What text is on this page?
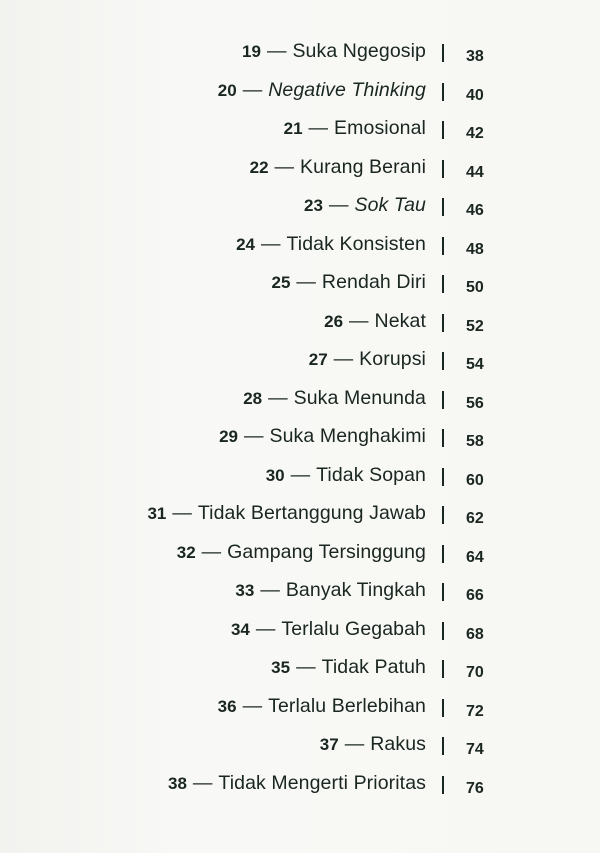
19 — Suka Ngegosip	38
20 — Negative Thinking	40
21 — Emosional	42
22 — Kurang Berani	44
23 — Sok Tau	46
24 — Tidak Konsisten	48
25 — Rendah Diri	50
26 — Nekat	52
27 — Korupsi	54
28 — Suka Menunda	56
29 — Suka Menghakimi	58
30 — Tidak Sopan	60
31 — Tidak Bertanggung Jawab	62
32 — Gampang Tersinggung	64
33 — Banyak Tingkah	66
34 — Terlalu Gegabah	68
35 — Tidak Patuh	70
36 — Terlalu Berlebihan	72
37 — Rakus	74
38 — Tidak Mengerti Prioritas	76
